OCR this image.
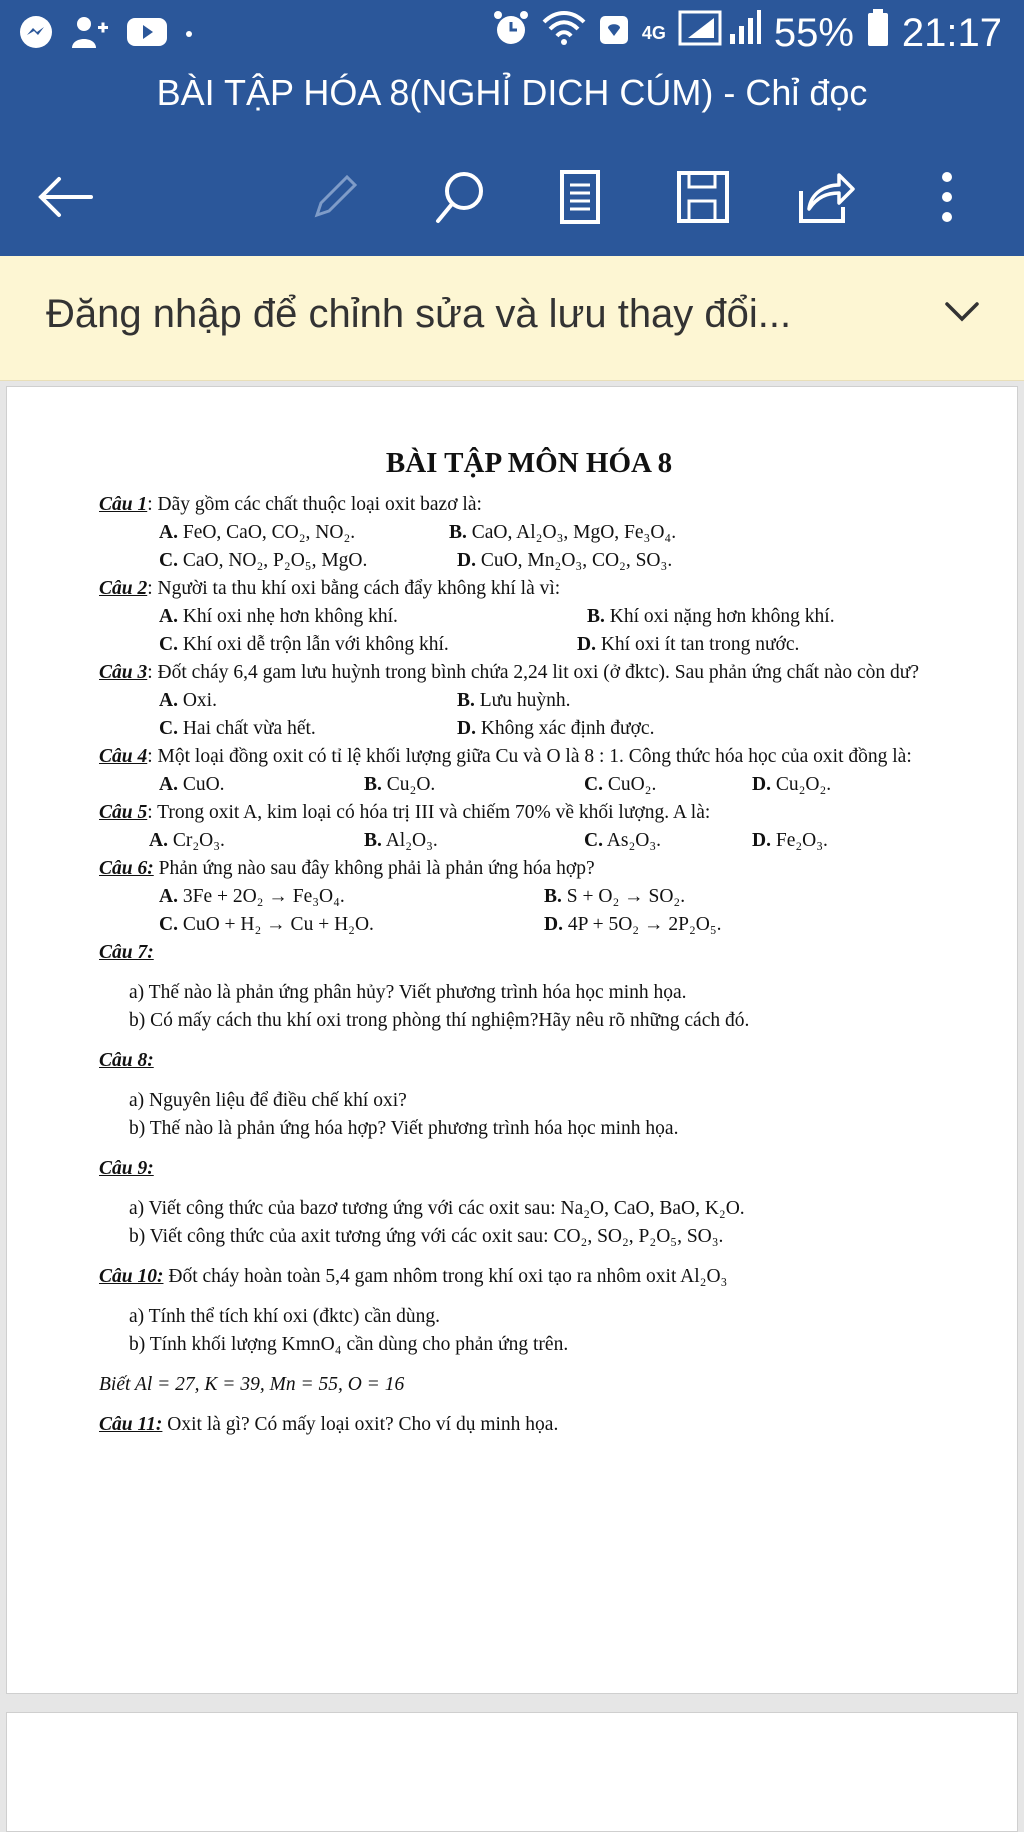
4G	55% 21:17
BÀI TẬP HÓA 8(NGHỈ DICH CÚM) - Chỉ đọc
Đăng nhập để chỉnh sửa và lưu thay đổi...
BÀI TẬP MÔN HÓA 8

Câu 1: Dãy gồm các chất thuộc loại oxit bazơ là:

A. FeO, CaO, CO₂, NO₂.	B. CaO, Al₂O₃, MgO, Fe₃O₄.
C. CaO, NO₂, P₂O₅, MgO.	D. CuO, Mn₂O₃, CO₂, SO₃.

Câu 2: Người ta thu khí oxi bằng cách đẩy không khí là vì:

A. Khí oxi nhẹ hơn không khí.	B. Khí oxi nặng hơn không khí.
C. Khí oxi dễ trộn lẫn với không khí.	D. Khí oxi ít tan trong nước.

Câu 3: Đốt cháy 6,4 gam lưu huỳnh trong bình chứa 2,24 lit oxi (ở đktc). Sau phản ứng chất nào còn dư?

A. Oxi.	B. Lưu huỳnh.
C. Hai chất vừa hết.	D. Không xác định được.

Câu 4: Một loại đồng oxit có tỉ lệ khối lượng giữa Cu và O là 8 : 1. Công thức hóa học của oxit đồng là:

A. CuO.	B. Cu₂O.	C. CuO₂.	D. Cu₂O₂.

Câu 5: Trong oxit A, kim loại có hóa trị III và chiếm 70% về khối lượng. A là:

A. Cr₂O₃.	B. Al₂O₃.	C. As₂O₃.	D. Fe₂O₃.

Câu 6: Phản ứng nào sau đây không phải là phản ứng hóa hợp?

A. 3Fe + 2O₂ → Fe₃O₄.	B. S + O₂ → SO₂.
C. CuO + H₂ → Cu + H₂O.	D. 4P + 5O₂ → 2P₂O₅.

Câu 7:

a) Thế nào là phản ứng phân hủy? Viết phương trình hóa học minh họa.

b) Có mấy cách thu khí oxi trong phòng thí nghiệm?Hãy nêu rõ những cách đó.

Câu 8:

a) Nguyên liệu để điều chế khí oxi?

b) Thế nào là phản ứng hóa hợp? Viết phương trình hóa học minh họa.

Câu 9:

a) Viết công thức của bazơ tương ứng với các oxit sau: Na₂O, CaO, BaO, K₂O.

b) Viết công thức của axit tương ứng với các oxit sau: CO₂, SO₂, P₂O₅, SO₃.

Câu 10: Đốt cháy hoàn toàn 5,4 gam nhôm trong khí oxi tạo ra nhôm oxit Al₂O₃

a) Tính thể tích khí oxi (đktc) cần dùng.

b) Tính khối lượng KmnO₄ cần dùng cho phản ứng trên.

Biết Al = 27, K = 39, Mn = 55, O = 16

Câu 11: Oxit là gì? Có mấy loại oxit? Cho ví dụ minh họa.
